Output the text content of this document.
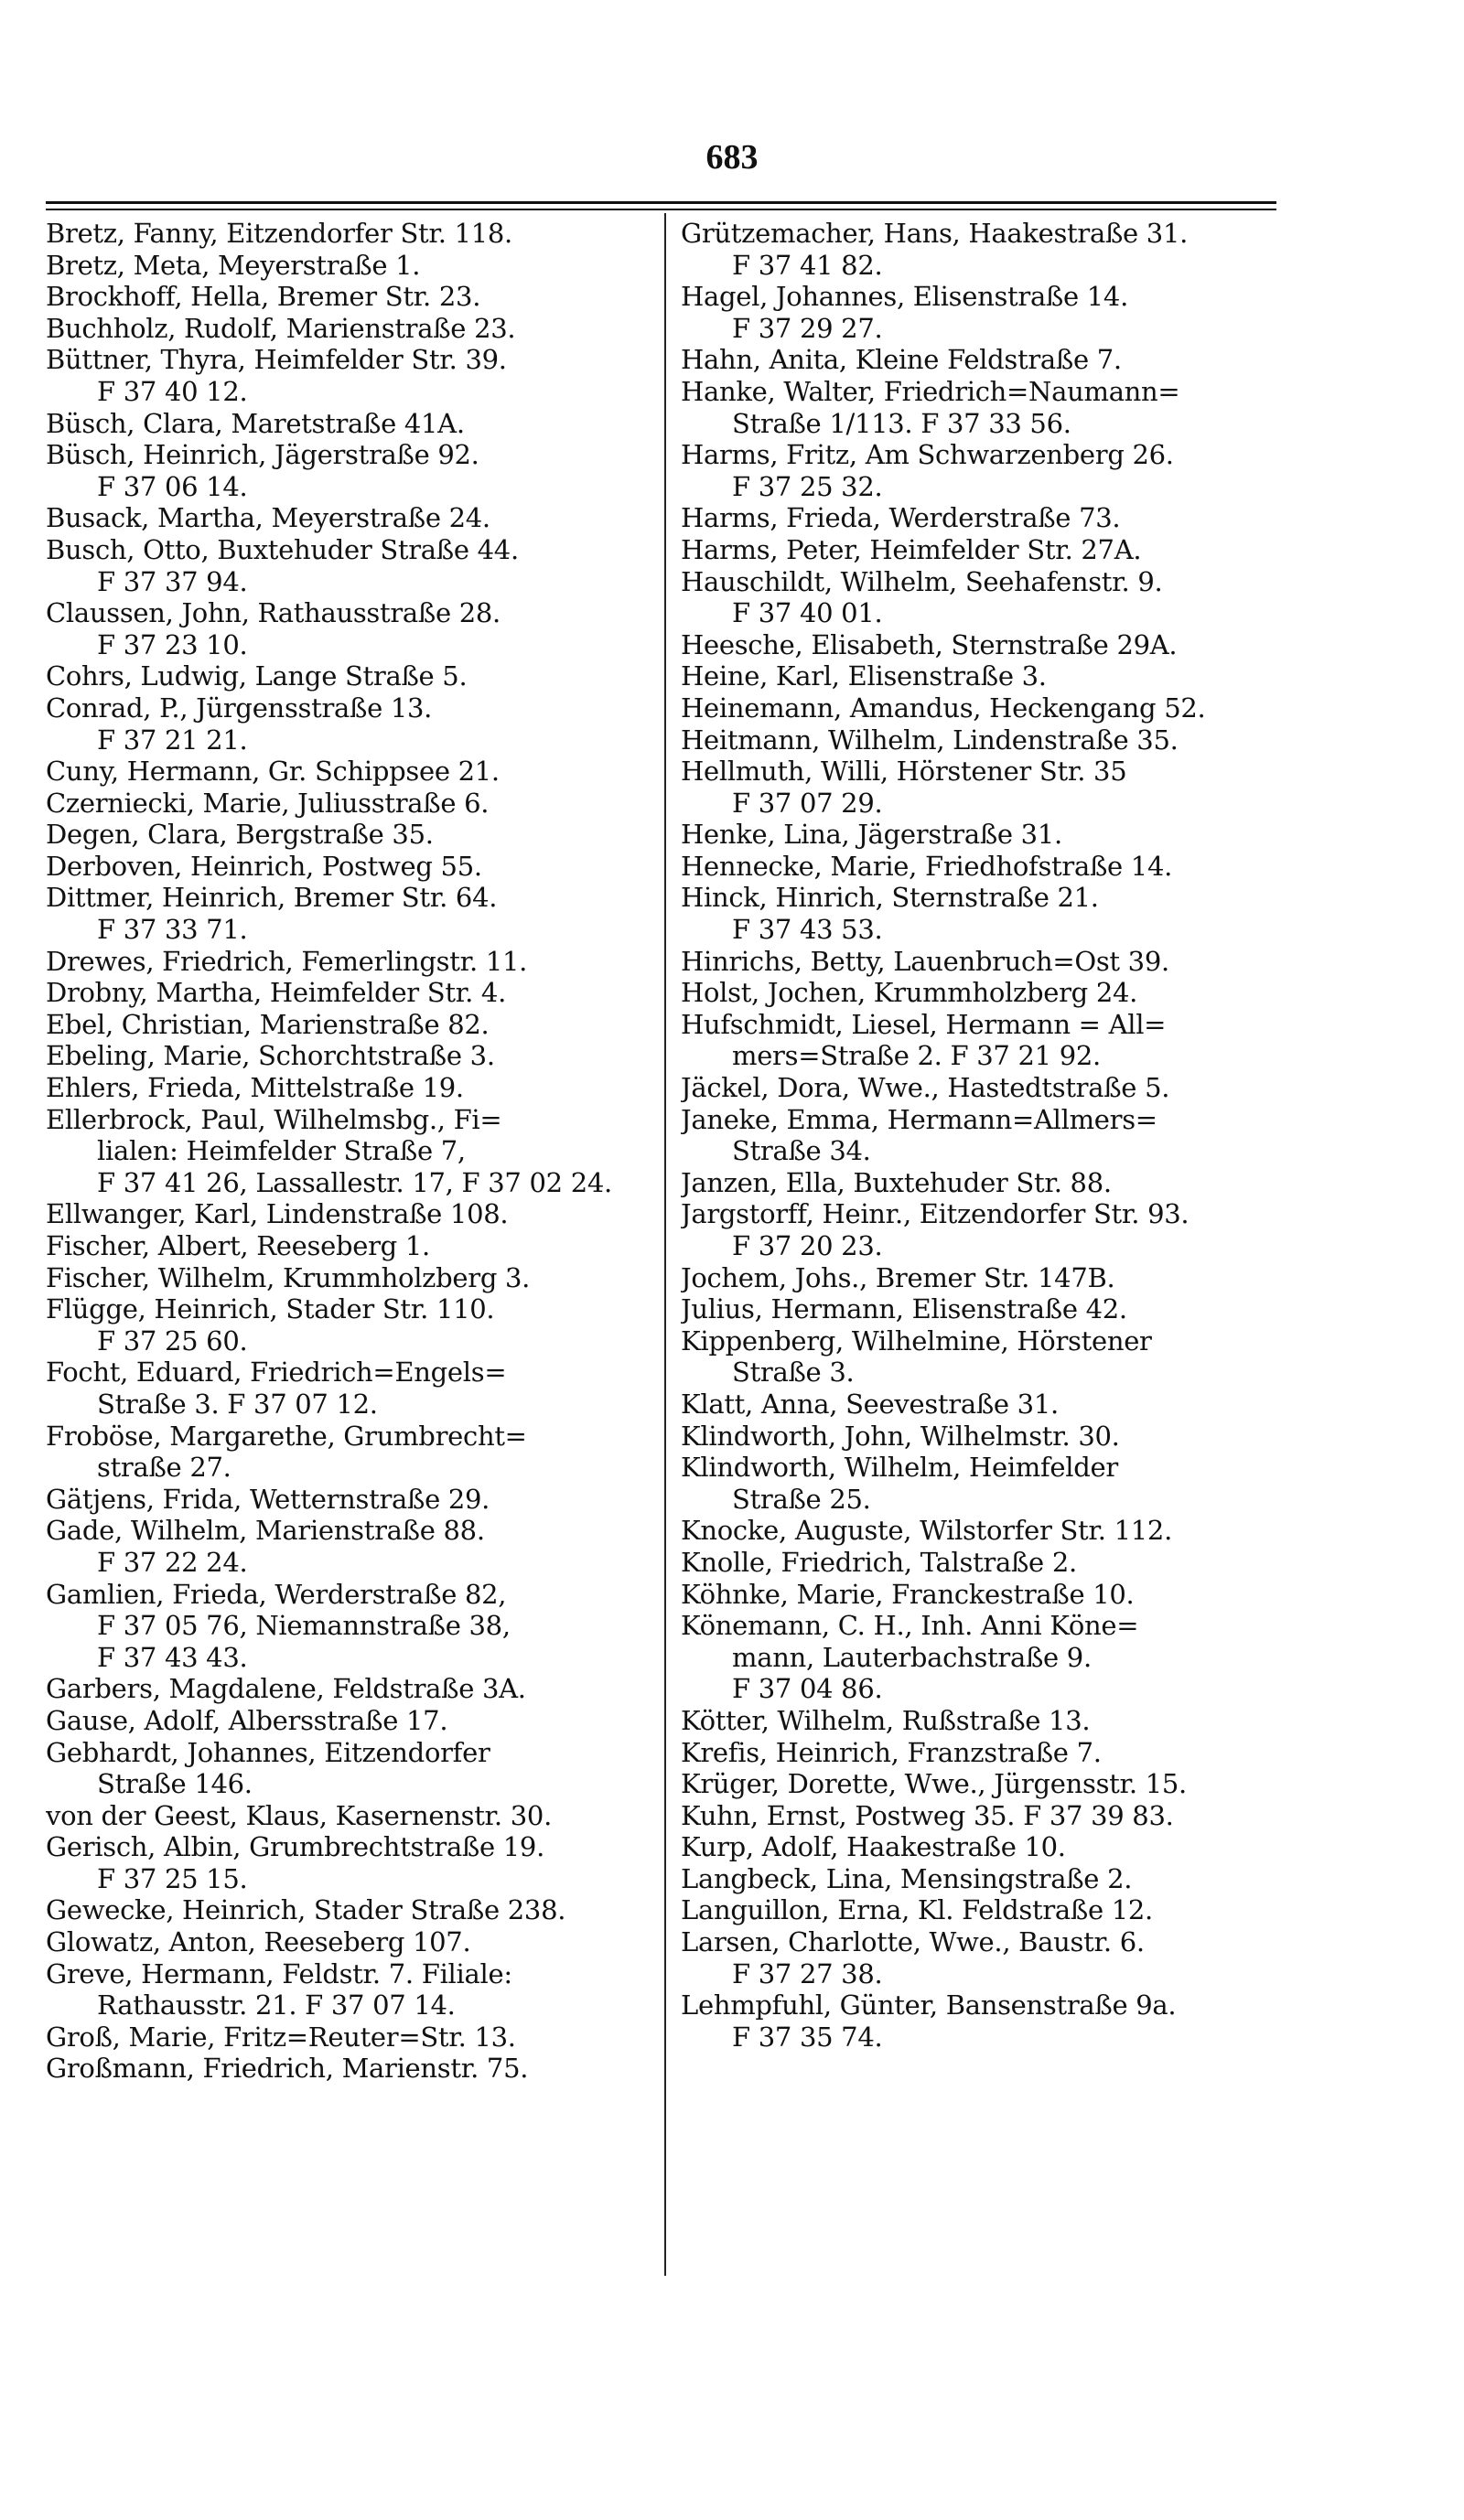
683
Bretz, Fanny, Eitzendorfer Str. 118.
Bretz, Meta, Meyerstraße 1.
Brockhoff, Hella, Bremer Str. 23.
Buchholz, Rudolf, Marienstraße 23.
Büttner, Thyra, Heimfelder Str. 39.
F 37 40 12.
Büsch, Clara, Maretstraße 41A.
Büsch, Heinrich, Jägerstraße 92.
F 37 06 14.
Busack, Martha, Meyerstraße 24.
Busch, Otto, Buxtehuder Straße 44.
F 37 37 94.
Claussen, John, Rathausstraße 28.
F 37 23 10.
Cohrs, Ludwig, Lange Straße 5.
Conrad, P., Jürgensstraße 13.
F 37 21 21.
Cuny, Hermann, Gr. Schippsee 21.
Czerniecki, Marie, Juliusstraße 6.
Degen, Clara, Bergstraße 35.
Derboven, Heinrich, Postweg 55.
Dittmer, Heinrich, Bremer Str. 64.
F 37 33 71.
Drewes, Friedrich, Femerlingstr. 11.
Drobny, Martha, Heimfelder Str. 4.
Ebel, Christian, Marienstraße 82.
Ebeling, Marie, Schorchtstraße 3.
Ehlers, Frieda, Mittelstraße 19.
Ellerbrock, Paul, Wilhelmsbg., Fi=
lialen: Heimfelder Straße 7,
F 37 41 26, Lassallestr. 17, F 37 02 24.
Ellwanger, Karl, Lindenstraße 108.
Fischer, Albert, Reeseberg 1.
Fischer, Wilhelm, Krummholzberg 3.
Flügge, Heinrich, Stader Str. 110.
F 37 25 60.
Focht, Eduard, Friedrich=Engels=
Straße 3. F 37 07 12.
Froböse, Margarethe, Grumbrecht=
straße 27.
Gätjens, Frida, Wetternstraße 29.
Gade, Wilhelm, Marienstraße 88.
F 37 22 24.
Gamlien, Frieda, Werderstraße 82,
F 37 05 76, Niemannstraße 38,
F 37 43 43.
Garbers, Magdalene, Feldstraße 3A.
Gause, Adolf, Albersstraße 17.
Gebhardt, Johannes, Eitzendorfer
Straße 146.
von der Geest, Klaus, Kasernenstr. 30.
Gerisch, Albin, Grumbrechtstraße 19.
F 37 25 15.
Gewecke, Heinrich, Stader Straße 238.
Glowatz, Anton, Reeseberg 107.
Greve, Hermann, Feldstr. 7. Filiale:
Rathausstr. 21. F 37 07 14.
Groß, Marie, Fritz=Reuter=Str. 13.
Großmann, Friedrich, Marienstr. 75.
Grützemacher, Hans, Haakestraße 31.
F 37 41 82.
Hagel, Johannes, Elisenstraße 14.
F 37 29 27.
Hahn, Anita, Kleine Feldstraße 7.
Hanke, Walter, Friedrich=Naumann=
Straße 1/113. F 37 33 56.
Harms, Fritz, Am Schwarzenberg 26.
F 37 25 32.
Harms, Frieda, Werderstraße 73.
Harms, Peter, Heimfelder Str. 27A.
Hauschildt, Wilhelm, Seehafenstr. 9.
F 37 40 01.
Heesche, Elisabeth, Sternstraße 29A.
Heine, Karl, Elisenstraße 3.
Heinemann, Amandus, Heckengang 52.
Heitmann, Wilhelm, Lindenstraße 35.
Hellmuth, Willi, Hörstener Str. 35
F 37 07 29.
Henke, Lina, Jägerstraße 31.
Hennecke, Marie, Friedhofstraße 14.
Hinck, Hinrich, Sternstraße 21.
F 37 43 53.
Hinrichs, Betty, Lauenbruch=Ost 39.
Holst, Jochen, Krummholzberg 24.
Hufschmidt, Liesel, Hermann = All=
mers=Straße 2. F 37 21 92.
Jäckel, Dora, Wwe., Hastedtstraße 5.
Janeke, Emma, Hermann=Allmers=
Straße 34.
Janzen, Ella, Buxtehuder Str. 88.
Jargstorff, Heinr., Eitzendorfer Str. 93.
F 37 20 23.
Jochem, Johs., Bremer Str. 147B.
Julius, Hermann, Elisenstraße 42.
Kippenberg, Wilhelmine, Hörstener
Straße 3.
Klatt, Anna, Seevestraße 31.
Klindworth, John, Wilhelmstr. 30.
Klindworth, Wilhelm, Heimfelder
Straße 25.
Knocke, Auguste, Wilstorfer Str. 112.
Knolle, Friedrich, Talstraße 2.
Köhnke, Marie, Franckestraße 10.
Könemann, C. H., Inh. Anni Köne=
mann, Lauterbachstraße 9.
F 37 04 86.
Kötter, Wilhelm, Rußstraße 13.
Krefis, Heinrich, Franzstraße 7.
Krüger, Dorette, Wwe., Jürgensstr. 15.
Kuhn, Ernst, Postweg 35. F 37 39 83.
Kurp, Adolf, Haakestraße 10.
Langbeck, Lina, Mensingstraße 2.
Languillon, Erna, Kl. Feldstraße 12.
Larsen, Charlotte, Wwe., Baustr. 6.
F 37 27 38.
Lehmpfuhl, Günter, Bansenstraße 9a.
F 37 35 74.
